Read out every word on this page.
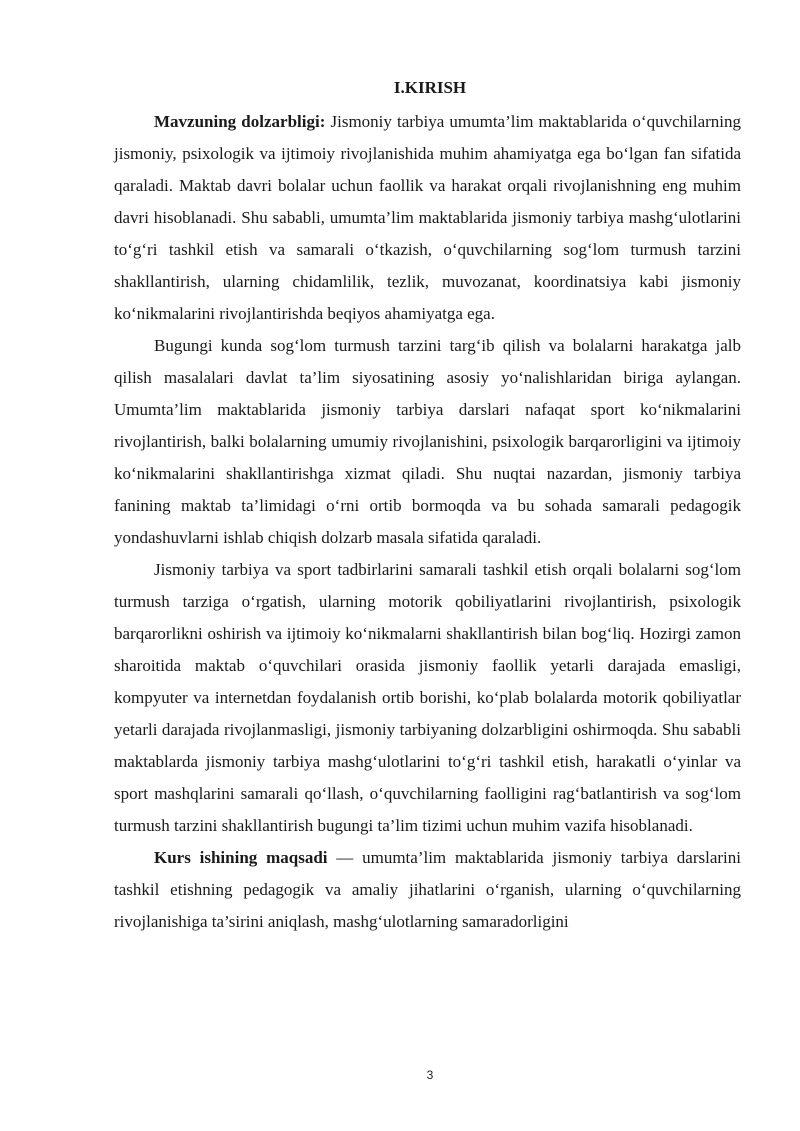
I.KIRISH

Mavzuning dolzarbligi: Jismoniy tarbiya umumta’lim maktablarida o‘quvchilarning jismoniy, psixologik va ijtimoiy rivojlanishida muhim ahamiyatga ega bo‘lgan fan sifatida qaraladi. Maktab davri bolalar uchun faollik va harakat orqali rivojlanishning eng muhim davri hisoblanadi. Shu sababli, umumta’lim maktablarida jismoniy tarbiya mashg‘ulotlarini to‘g‘ri tashkil etish va samarali o‘tkazish, o‘quvchilarning sog‘lom turmush tarzini shakllantirish, ularning chidamlilik, tezlik, muvozanat, koordinatsiya kabi jismoniy ko‘nikmalarini rivojlantirishda beqiyos ahamiyatga ega.

Bugungi kunda sog‘lom turmush tarzini targ‘ib qilish va bolalarni harakatga jalb qilish masalalari davlat ta’lim siyosatining asosiy yo‘nalishlaridan biriga aylangan. Umumta’lim maktablarida jismoniy tarbiya darslari nafaqat sport ko‘nikmalarini rivojlantirish, balki bolalarning umumiy rivojlanishini, psixologik barqarorligini va ijtimoiy ko‘nikmalarini shakllantirishga xizmat qiladi. Shu nuqtai nazardan, jismoniy tarbiya fanining maktab ta’limidagi o‘rni ortib bormoqda va bu sohada samarali pedagogik yondashuvlarni ishlab chiqish dolzarb masala sifatida qaraladi.

Jismoniy tarbiya va sport tadbirlarini samarali tashkil etish orqali bolalarni sog‘lom turmush tarziga o‘rgatish, ularning motorik qobiliyatlarini rivojlantirish, psixologik barqarorlikni oshirish va ijtimoiy ko‘nikmalarni shakllantirish bilan bog‘liq. Hozirgi zamon sharoitida maktab o‘quvchilari orasida jismoniy faollik yetarli darajada emasligi, kompyuter va internetdan foydalanish ortib borishi, ko‘plab bolalarda motorik qobiliyatlar yetarli darajada rivojlanmasligi, jismoniy tarbiyaning dolzarbligini oshirmoqda. Shu sababli maktablarda jismoniy tarbiya mashg‘ulotlarini to‘g‘ri tashkil etish, harakatli o‘yinlar va sport mashqlarini samarali qo‘llash, o‘quvchilarning faolligini rag‘batlantirish va sog‘lom turmush tarzini shakllantirish bugungi ta’lim tizimi uchun muhim vazifa hisoblanadi.

Kurs ishining maqsadi — umumta’lim maktablarida jismoniy tarbiya darslarini tashkil etishning pedagogik va amaliy jihatlarini o‘rganish, ularning o‘quvchilarning rivojlanishiga ta’sirini aniqlash, mashg‘ulotlarning samaradorligini

3
